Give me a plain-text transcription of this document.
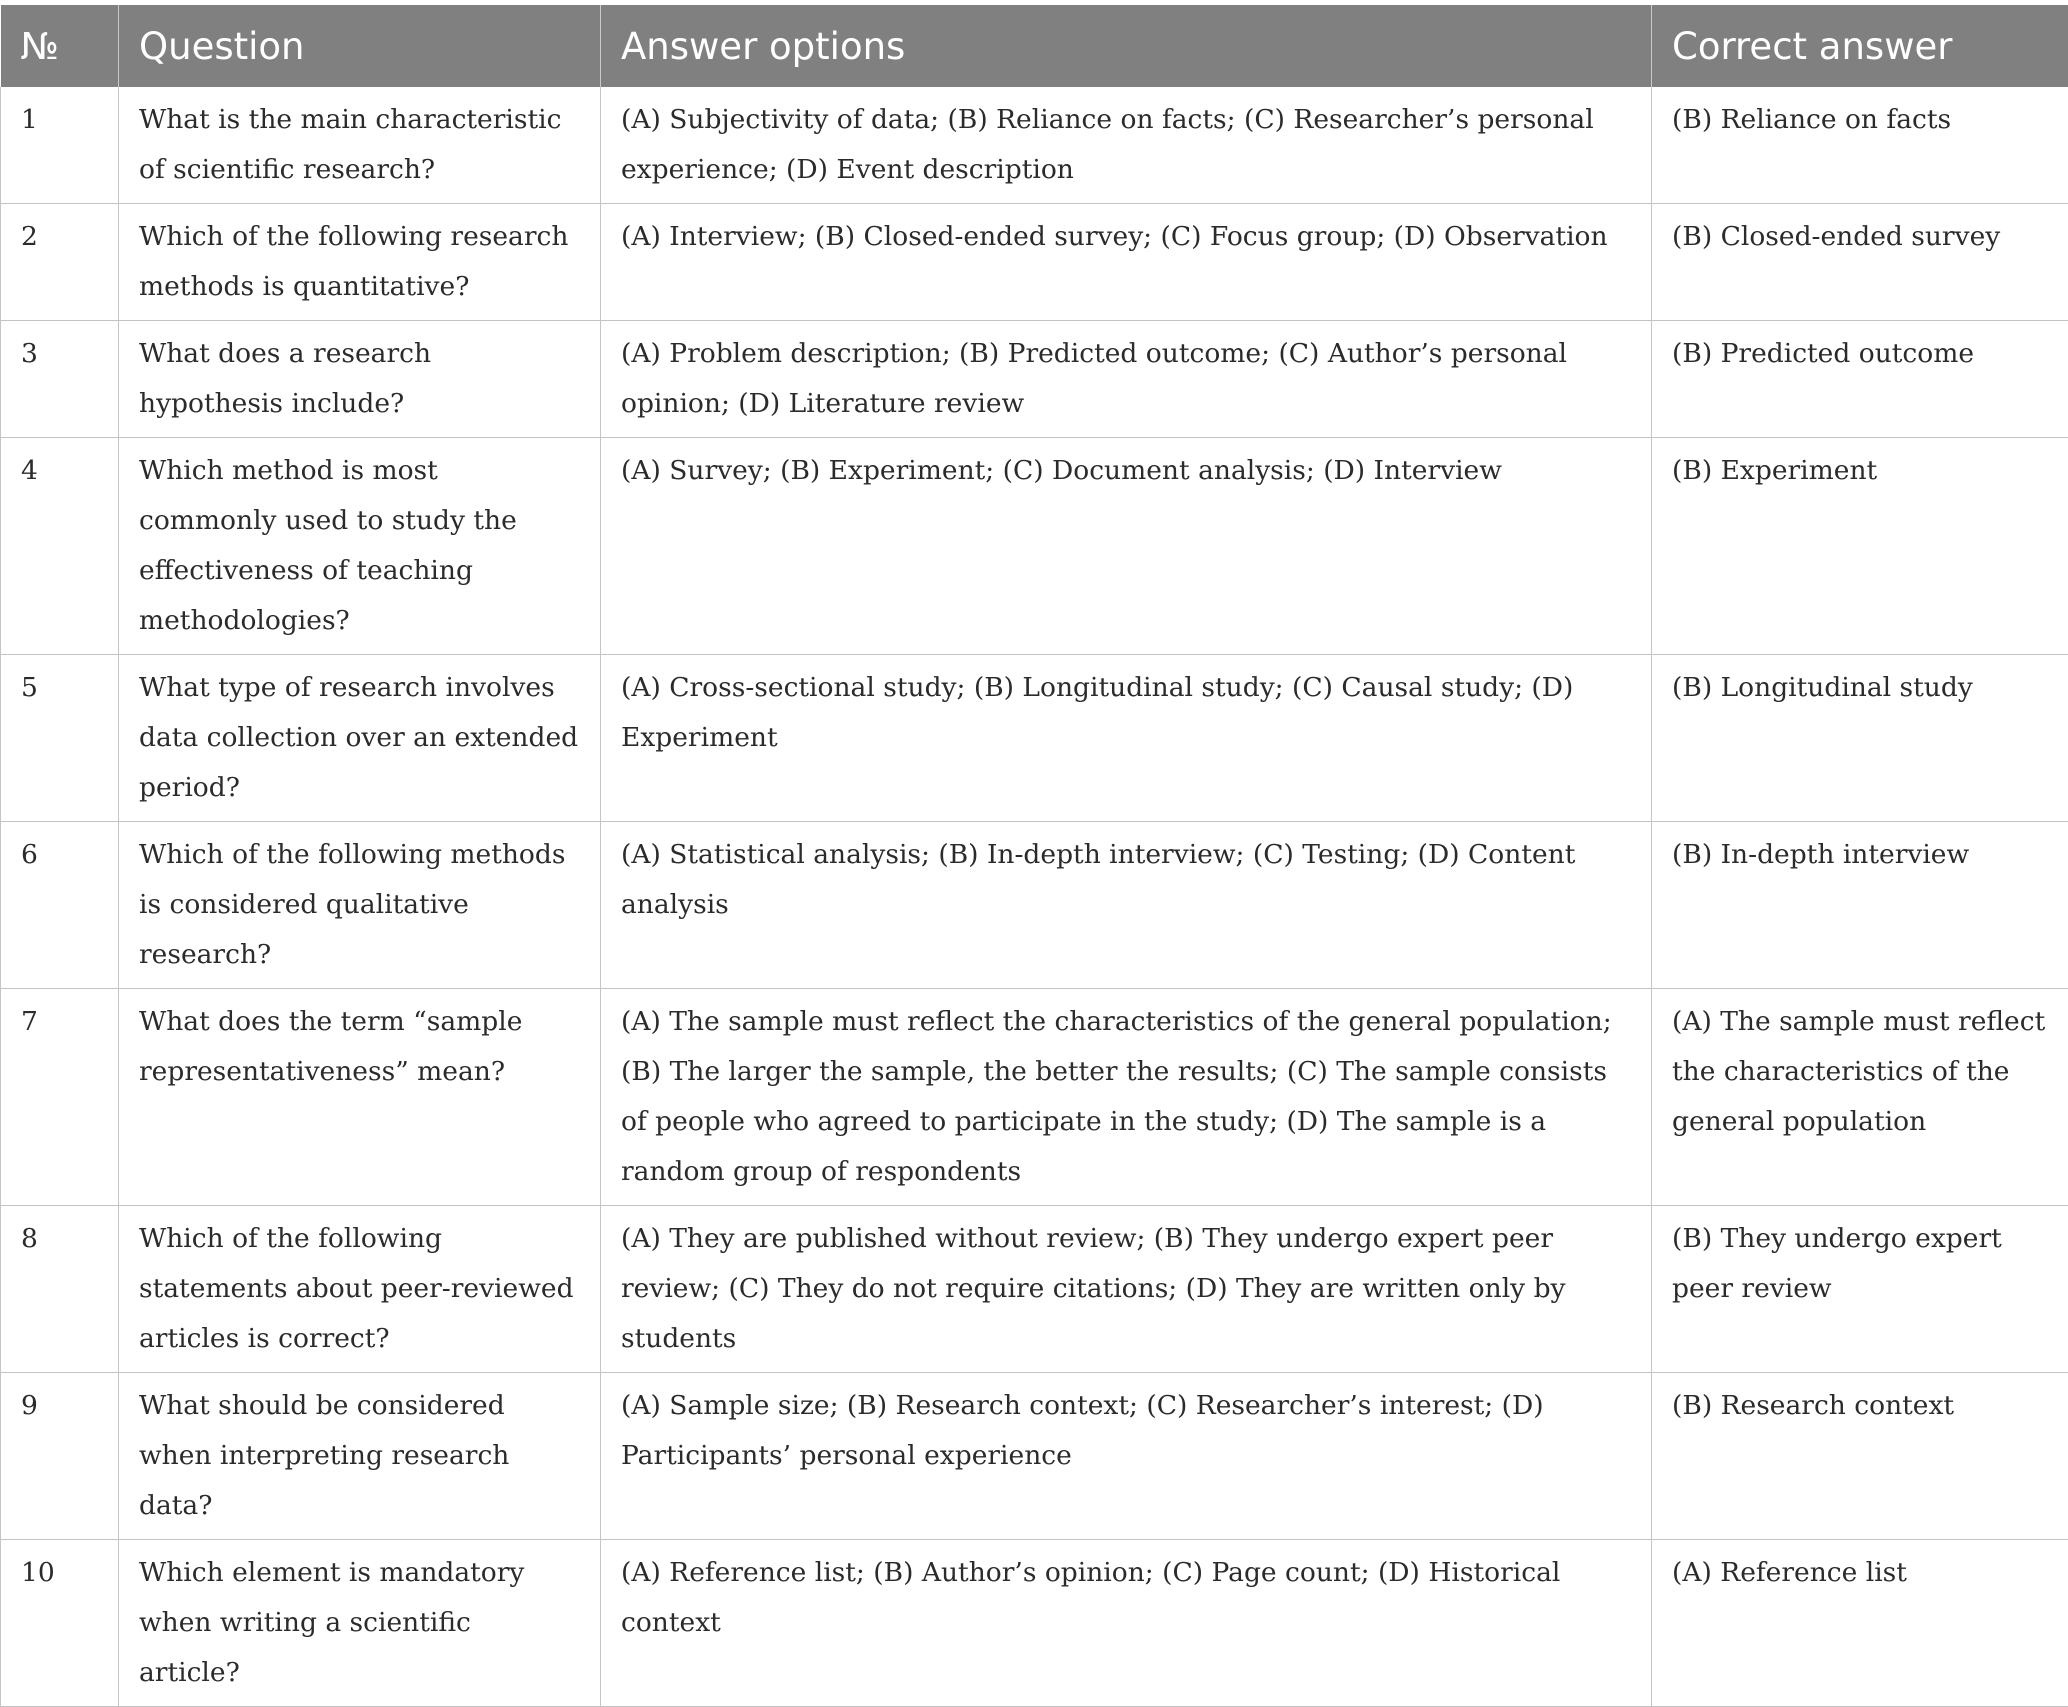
№	Question	Answer options	Correct answer
1	What is the main characteristic of scientific research?	(A) Subjectivity of data; (B) Reliance on facts; (C) Researcher’s personal experience; (D) Event description	(B) Reliance on facts
2	Which of the following research methods is quantitative?	(A) Interview; (B) Closed-ended survey; (C) Focus group; (D) Observation	(B) Closed-ended survey
3	What does a research hypothesis include?	(A) Problem description; (B) Predicted outcome; (C) Author’s personal opinion; (D) Literature review	(B) Predicted outcome
4	Which method is most commonly used to study the effectiveness of teaching methodologies?	(A) Survey; (B) Experiment; (C) Document analysis; (D) Interview	(B) Experiment
5	What type of research involves data collection over an extended period?	(A) Cross-sectional study; (B) Longitudinal study; (C) Causal study; (D) Experiment	(B) Longitudinal study
6	Which of the following methods is considered qualitative research?	(A) Statistical analysis; (B) In-depth interview; (C) Testing; (D) Content analysis	(B) In-depth interview
7	What does the term “sample representativeness” mean?	(A) The sample must reflect the characteristics of the general population; (B) The larger the sample, the better the results; (C) The sample consists of people who agreed to participate in the study; (D) The sample is a random group of respondents	(A) The sample must reflect the characteristics of the general population
8	Which of the following statements about peer-reviewed articles is correct?	(A) They are published without review; (B) They undergo expert peer review; (C) They do not require citations; (D) They are written only by students	(B) They undergo expert peer review
9	What should be considered when interpreting research data?	(A) Sample size; (B) Research context; (C) Researcher’s interest; (D) Participants’ personal experience	(B) Research context
10	Which element is mandatory when writing a scientific article?	(A) Reference list; (B) Author’s opinion; (C) Page count; (D) Historical context	(A) Reference list
